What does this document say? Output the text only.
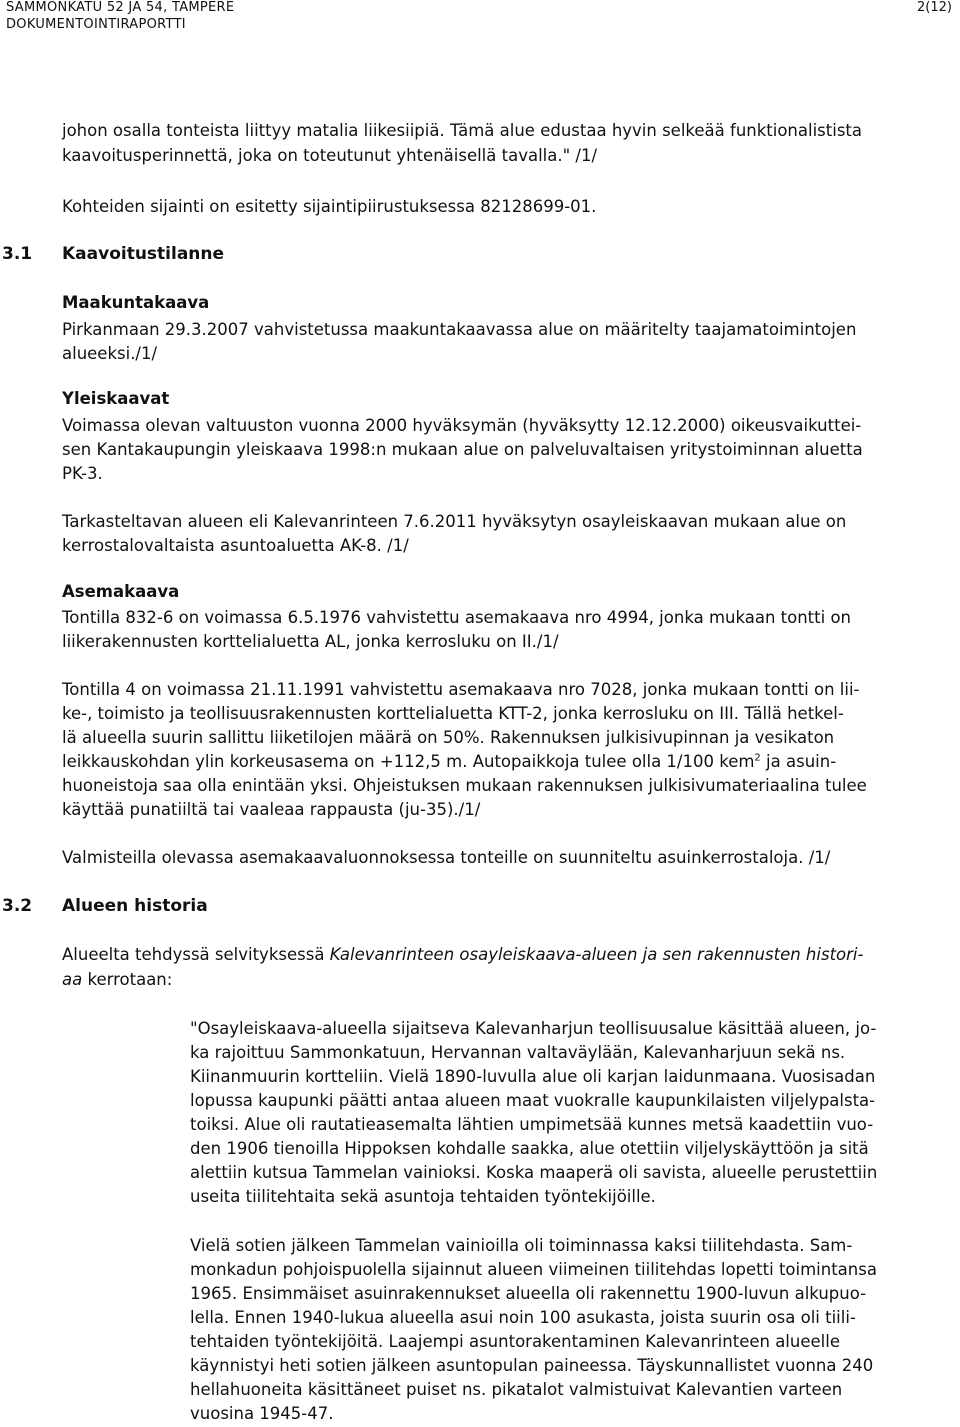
SAMMONKATU 52 JA 54, TAMPERE
DOKUMENTOINTIRAPORTTI
2(12)
johon osalla tonteista liittyy matalia liikesiipiä. Tämä alue edustaa hyvin selkeää funktionalistista
kaavoitusperinnettä, joka on toteutunut yhtenäisellä tavalla." /1/
Kohteiden sijainti on esitetty sijaintipiirustuksessa 82128699-01.
3.1 Kaavoitustilanne
Maakuntakaava
Pirkanmaan 29.3.2007 vahvistetussa maakuntakaavassa alue on määritelty taajamatoimintojen
alueeksi./1/
Yleiskaavat
Voimassa olevan valtuuston vuonna 2000 hyväksymän (hyväksytty 12.12.2000) oikeusvaikuttei-
sen Kantakaupungin yleiskaava 1998:n mukaan alue on palveluvaltaisen yritystoiminnan aluetta
PK-3.
Tarkasteltavan alueen eli Kalevanrinteen 7.6.2011 hyväksytyn osayleiskaavan mukaan alue on
kerrostalovaltaista asuntoaluetta AK-8. /1/
Asemakaava
Tontilla 832-6 on voimassa 6.5.1976 vahvistettu asemakaava nro 4994, jonka mukaan tontti on
liikerakennusten korttelialuetta AL, jonka kerrosluku on II./1/
Tontilla 4 on voimassa 21.11.1991 vahvistettu asemakaava nro 7028, jonka mukaan tontti on lii-
ke-, toimisto ja teollisuusrakennusten korttelialuetta KTT-2, jonka kerrosluku on III. Tällä hetkel-
lä alueella suurin sallittu liiketilojen määrä on 50%. Rakennuksen julkisivupinnan ja vesikaton
leikkauskohdan ylin korkeusasema on +112,5 m. Autopaikkoja tulee olla 1/100 kem$^2$ ja asuin-
huoneistoja saa olla enintään yksi. Ohjeistuksen mukaan rakennuksen julkisivumateriaalina tulee
käyttää punatiiltä tai vaaleaa rappausta (ju-35)./1/
Valmisteilla olevassa asemakaavaluonnoksessa tonteille on suunniteltu asuinkerrostaloja. /1/
3.2 Alueen historia
Alueelta tehdyssä selvityksessä Kalevanrinteen osayleiskaava-alueen ja sen rakennusten histori-
aa kerrotaan:
"Osayleiskaava-alueella sijaitseva Kalevanharjun teollisuusalue käsittää alueen, jo-
ka rajoittuu Sammonkatuun, Hervannan valtaväylään, Kalevanharjuun sekä ns.
Kiinanmuurin kortteliin. Vielä 1890-luvulla alue oli karjan laidunmaana. Vuosisadan
lopussa kaupunki päätti antaa alueen maat vuokralle kaupunkilaisten viljelypalsta-
toiksi. Alue oli rautatieasemalta lähtien umpimetsää kunnes metsä kaadettiin vuo-
den 1906 tienoilla Hippoksen kohdalle saakka, alue otettiin viljelyskäyttöön ja sitä
alettiin kutsua Tammelan vainioksi. Koska maaperä oli savista, alueelle perustettiin
useita tiilitehtaita sekä asuntoja tehtaiden työntekijöille.
Vielä sotien jälkeen Tammelan vainioilla oli toiminnassa kaksi tiilitehdasta. Sam-
monkadun pohjoispuolella sijainnut alueen viimeinen tiilitehdas lopetti toimintansa
1965. Ensimmäiset asuinrakennukset alueella oli rakennettu 1900-luvun alkupuo-
lella. Ennen 1940-lukua alueella asui noin 100 asukasta, joista suurin osa oli tiili-
tehtaiden työntekijöitä. Laajempi asuntorakentaminen Kalevanrinteen alueelle
käynnistyi heti sotien jälkeen asuntopulan paineessa. Täyskunnallistet vuonna 240
hellahuoneita käsittäneet puiset ns. pikatalot valmistuivat Kalevantien varteen
vuosina 1945-47.
